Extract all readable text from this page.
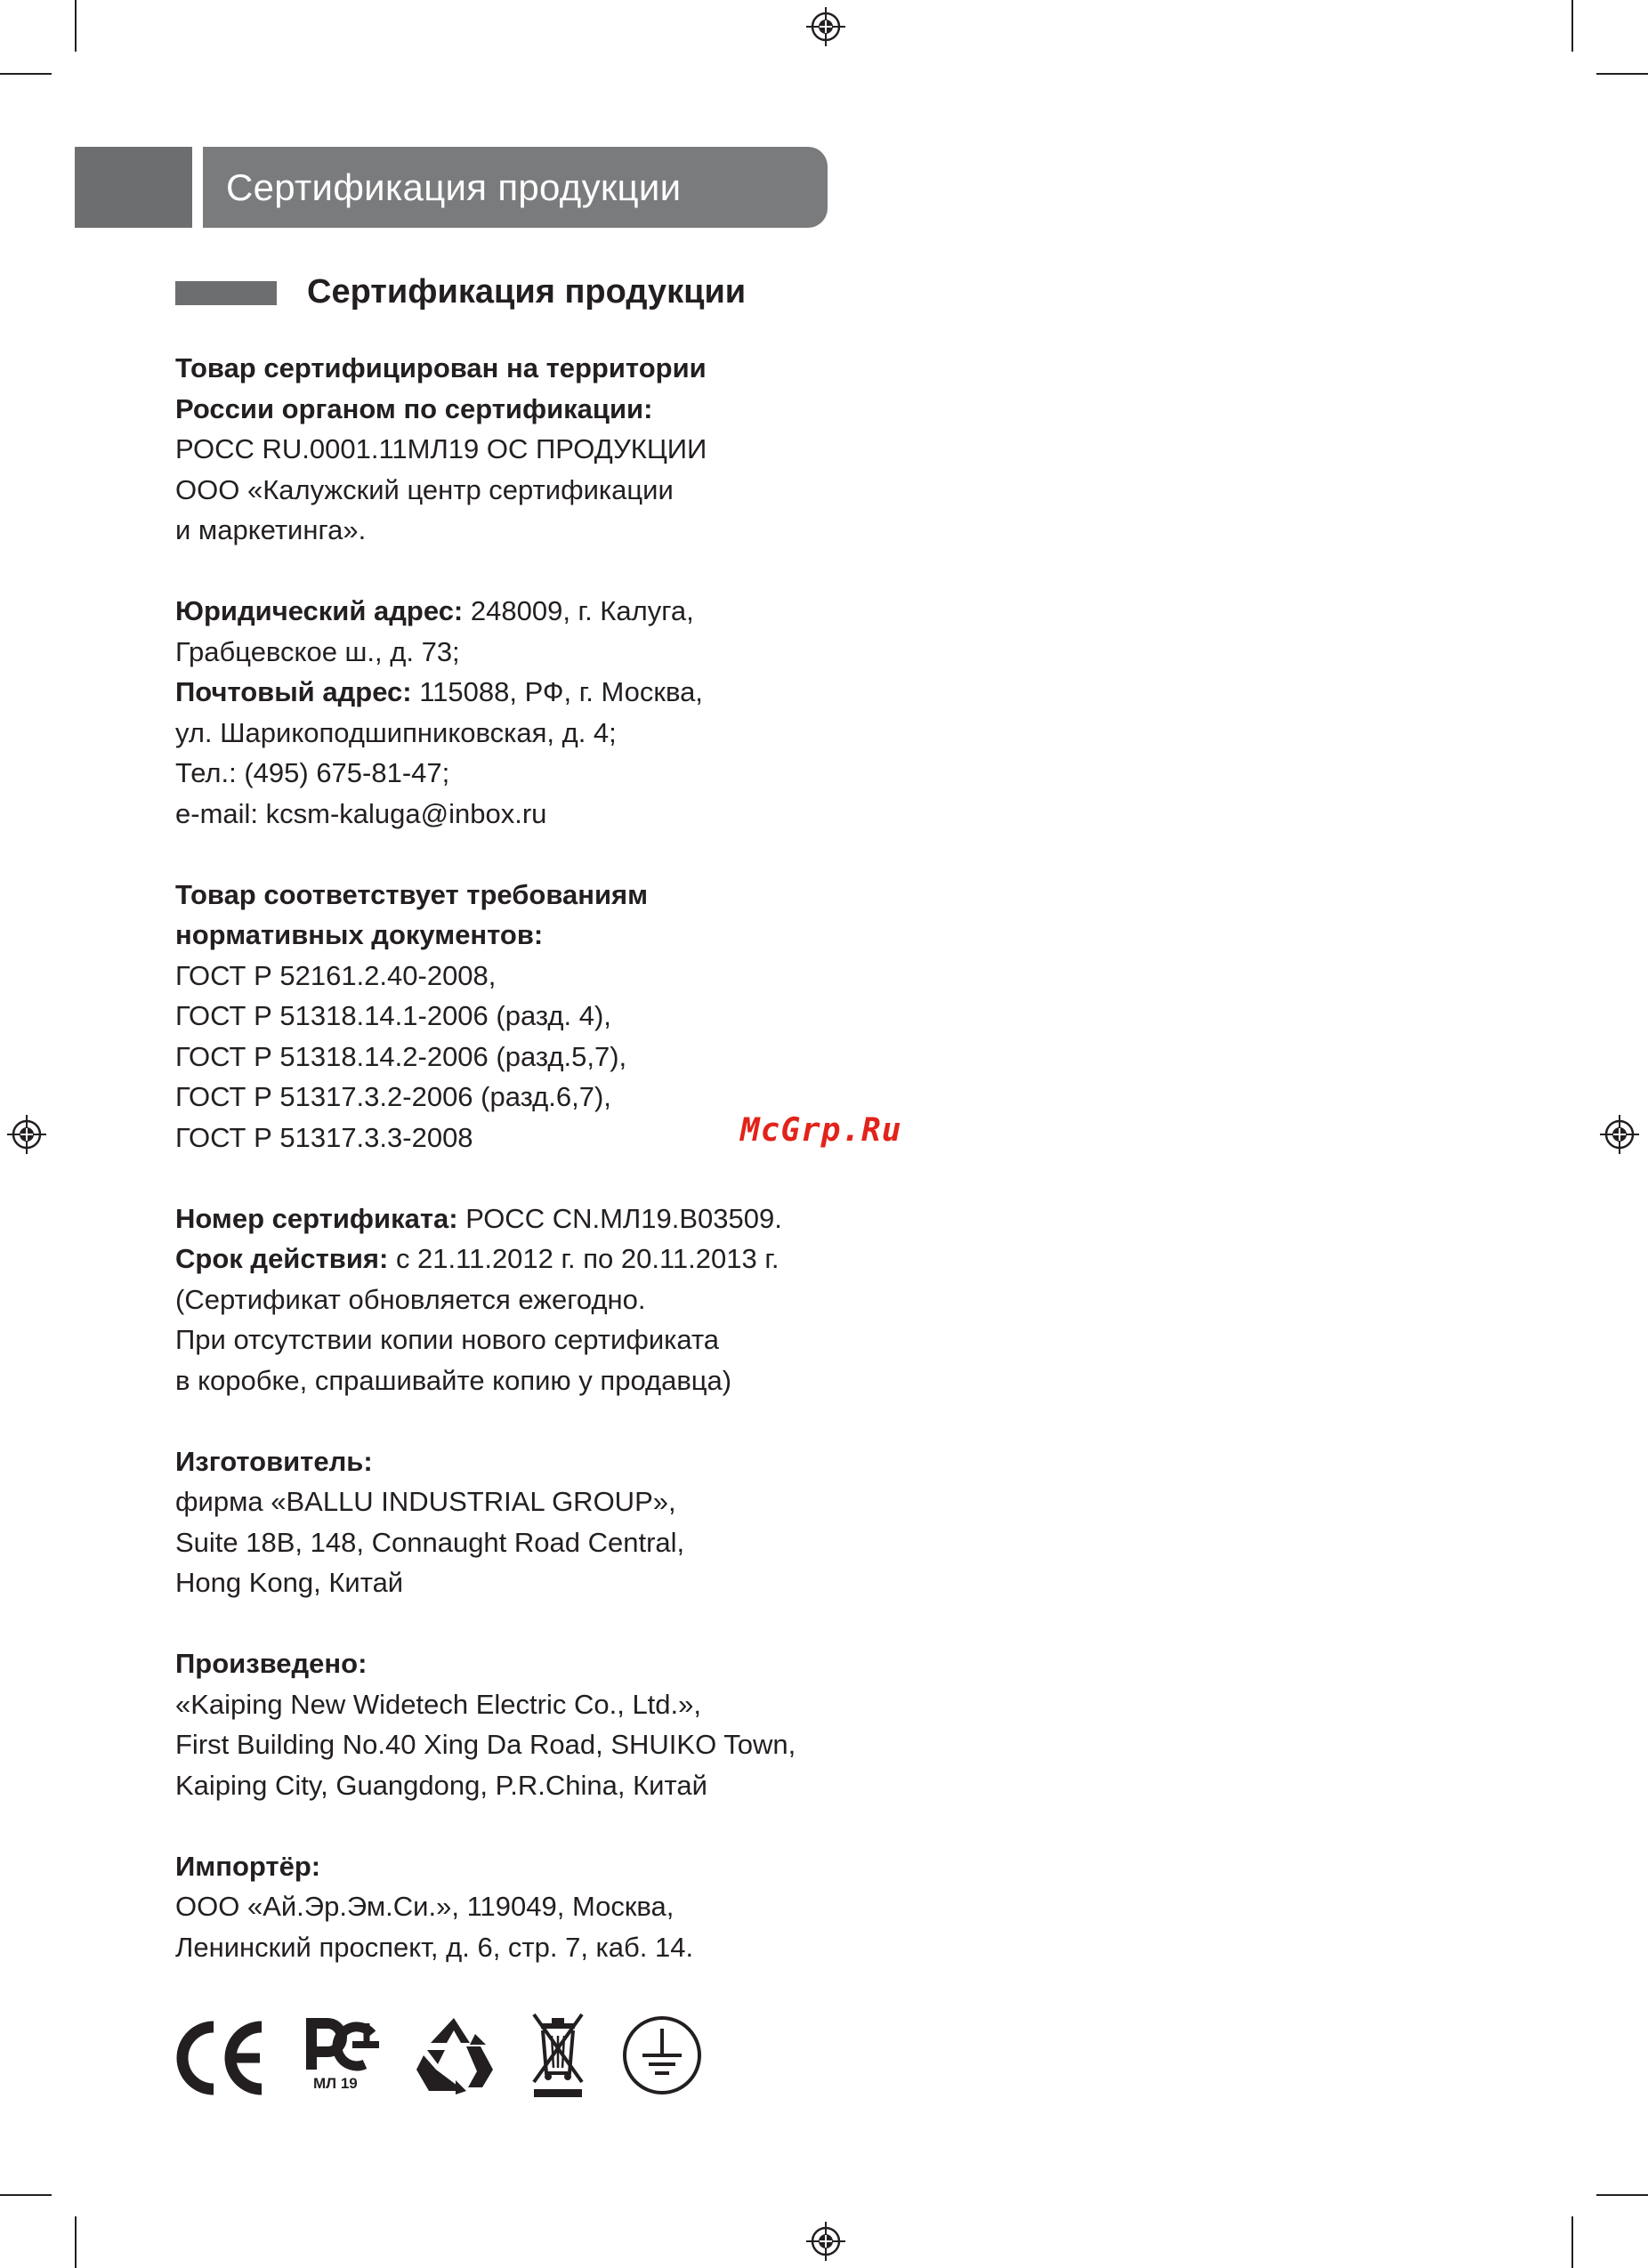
Сертификация продукции
Сертификация продукции
Товар сертифицирован на территории
России органом по сертификации:
РОСС RU.0001.11МЛ19 ОС ПРОДУКЦИИ
ООО «Калужский центр сертификации
и маркетинга».
Юридический адрес: 248009, г. Калуга,
Грабцевское ш., д. 73;
Почтовый адрес: 115088, РФ, г. Москва,
ул. Шарикоподшипниковская, д. 4;
Тел.: (495) 675-81-47;
e-mail: kcsm-kaluga@inbox.ru
Товар соответствует требованиям
нормативных документов:
ГОСТ Р 52161.2.40-2008,
ГОСТ Р 51318.14.1-2006 (разд. 4),
ГОСТ Р 51318.14.2-2006 (разд.5,7),
ГОСТ Р 51317.3.2-2006 (разд.6,7),
ГОСТ Р 51317.3.3-2008
Номер сертификата: РОСС CN.МЛ19.В03509.
Срок действия: с 21.11.2012 г. по 20.11.2013 г.
(Сертификат обновляется ежегодно.
При отсутствии копии нового сертификата
в коробке, спрашивайте копию у продавца)
Изготовитель:
фирма «BALLU INDUSTRIAL GROUP»,
Suite 18B, 148, Connaught Road Central,
Hong Kong, Китай
Произведено:
«Kaiping New Widetech Electric Co., Ltd.»,
First Building No.40 Xing Da Road, SHUIKO Town,
Kaiping City, Guangdong, P.R.China, Китай
Импортёр:
ООО «Ай.Эр.Эм.Си.», 119049, Москва,
Ленинский проспект, д. 6, стр. 7, каб. 14.
McGrp.Ru
МЛ 19
